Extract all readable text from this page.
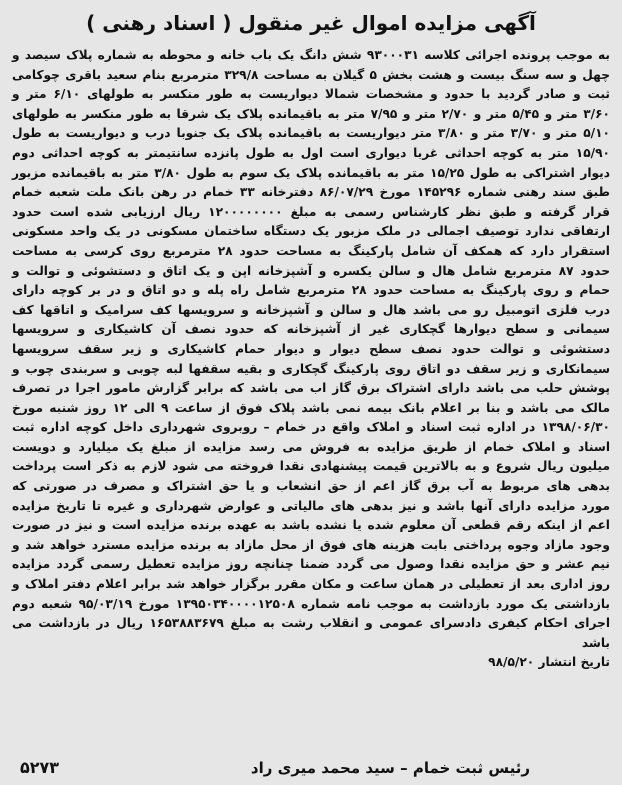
آگهی مزایده اموال غیر منقول ( اسناد رهنی )
به موجب پرونده اجرائی کلاسه ۹۳۰۰۰۳۱ شش دانگ یک باب خانه و محوطه به شماره پلاک سیصد و چهل و سه سنگ بیست و هشت بخش ۵ گیلان به مساحت ۳۲۹/۸ مترمربع بنام سعید باقری چوکامی ثبت و صادر گردید با حدود و مشخصات شمالا دیواریست به طور منکسر به طولهای ۶/۱۰ متر و ۳/۶۰ متر و ۵/۴۵ متر و ۲/۷۰ متر و ۷/۹۵ متر به باقیمانده پلاک یک شرقا به طور منکسر به طولهای ۵/۱۰ متر و ۳/۷۰ متر و ۳/۸۰ متر دیواریست به باقیمانده پلاک یک جنوبا درب و دیواریست به طول ۱۵/۹۰ متر به کوچه احداثی غربا دیواری است اول به طول پانزده سانتیمتر به کوچه احداثی دوم دیوار اشتراکی به طول ۱۵/۲۵ متر به باقیمانده پلاک یک سوم به طول ۳/۸۰ متر به باقیمانده مزبور طبق سند رهنی شماره ۱۴۵۲۹۶ مورخ ۸۶/۰۷/۲۹ دفترخانه ۳۳ خمام در رهن بانک ملت شعبه خمام قرار گرفته و طبق نظر کارشناس رسمی به مبلغ ۱۲۰۰۰۰۰۰۰۰ ریال ارزیابی شده است حدود ارتفاقی ندارد توصیف اجمالی در ملک مزبور یک دستگاه ساختمان مسکونی در یک واحد مسکونی استقرار دارد که همکف آن شامل پارکینگ به مساحت حدود ۲۸ مترمربع روی کرسی به مساحت حدود ۸۷ مترمربع شامل هال و سالن یکسره و آشپزخانه اپن و یک اتاق و دستشوئی و توالت و حمام و روی پارکینگ به مساحت حدود ۲۸ مترمربع شامل راه پله و دو اتاق و در بر کوچه دارای درب فلزی اتومبیل رو می باشد هال و سالن و آشپزخانه و سرویسها کف سرامیک و اتاقها کف سیمانی و سطح دیوارها گچکاری غیر از آشپزخانه که حدود نصف آن کاشیکاری و سرویسها دستشوئی و توالت حدود نصف سطح دیوار و دیوار حمام کاشیکاری و زیر سقف سرویسها سیمانکاری و زیر سقف دو اتاق روی پارکینگ گچکاری و بقیه سقفها لبه چوبی و سربندی چوب و پوشش حلب می باشد دارای اشتراک برق گاز اب می باشد که برابر گزارش مامور اجرا در تصرف مالک می باشد و بنا بر اعلام بانک بیمه نمی باشد پلاک فوق از ساعت ۹ الی ۱۲ روز شنبه مورخ ۱۳۹۸/۰۶/۳۰ در اداره ثبت اسناد و املاک واقع در خمام – روبروی شهرداری داخل کوچه اداره ثبت اسناد و املاک خمام از طریق مزایده به فروش می رسد مزایده از مبلغ یک میلیارد و دویست میلیون ریال شروع و به بالاترین قیمت پیشنهادی نقدا فروخته می شود لازم به ذکر است پرداخت بدهی های مربوط به آب برق گاز اعم از حق انشعاب و یا حق اشتراک و مصرف در صورتی که مورد مزایده دارای آنها باشد و نیز بدهی های مالیاتی و عوارض شهرداری و غیره تا تاریخ مزایده اعم از اینکه رقم قطعی آن معلوم شده یا نشده باشد به عهده برنده مزایده است و نیز در صورت وجود مازاد وجوه پرداختی بابت هزینه های فوق از محل مازاد به برنده مزایده مسترد خواهد شد و نیم عشر و حق مزایده نقدا وصول می گردد ضمنا چنانچه روز مزایده تعطیل رسمی گردد مزایده روز اداری بعد از تعطیلی در همان ساعت و مکان مقرر برگزار خواهد شد برابر اعلام دفتر املاک و بازداشتی یک مورد بازداشت به موجب نامه شماره ۱۳۹۵۰۳۴۰۰۰۰۱۲۵۰۸ مورخ ۹۵/۰۳/۱۹ شعبه دوم اجرای احکام کیفری دادسرای عمومی و انقلاب رشت به مبلغ ۱۶۵۳۸۸۳۶۷۹ ریال در بازداشت می باشد
تاریخ انتشار ۹۸/۵/۲۰
رئیس ثبت خمام – سید محمد میری راد
۵۲۷۳
